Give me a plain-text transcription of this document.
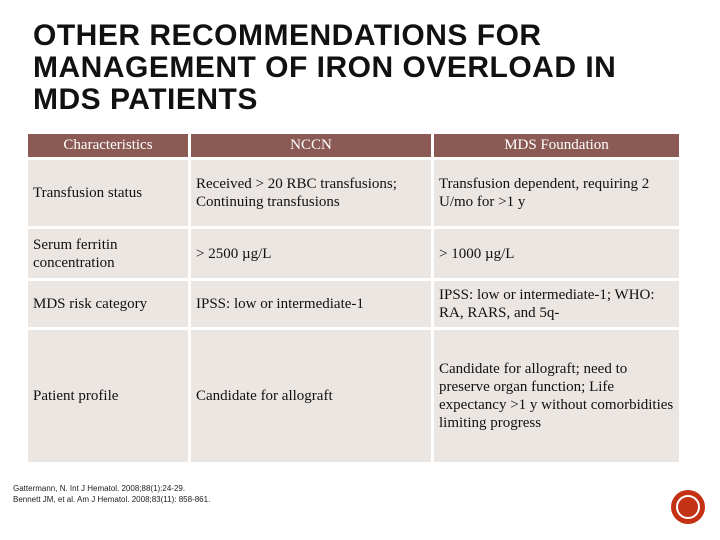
OTHER RECOMMENDATIONS FOR
MANAGEMENT OF IRON OVERLOAD IN
MDS PATIENTS
Characteristics	NCCN	MDS Foundation
Transfusion status	Received > 20 RBC transfusions; Continuing transfusions	Transfusion dependent, requiring 2 U/mo for >1 y
Serum ferritin concentration	> 2500 µg/L	> 1000 µg/L
MDS risk category	IPSS: low or intermediate-1	IPSS: low or intermediate-1; WHO: RA, RARS, and 5q-
Patient profile	Candidate for allograft	Candidate for allograft; need to preserve organ function; Life expectancy >1 y without comorbidities limiting progress
Gattermann, N. Int J Hematol. 2008;88(1):24-29.
Bennett JM, et al. Am J Hematol. 2008;83(11): 858-861.
